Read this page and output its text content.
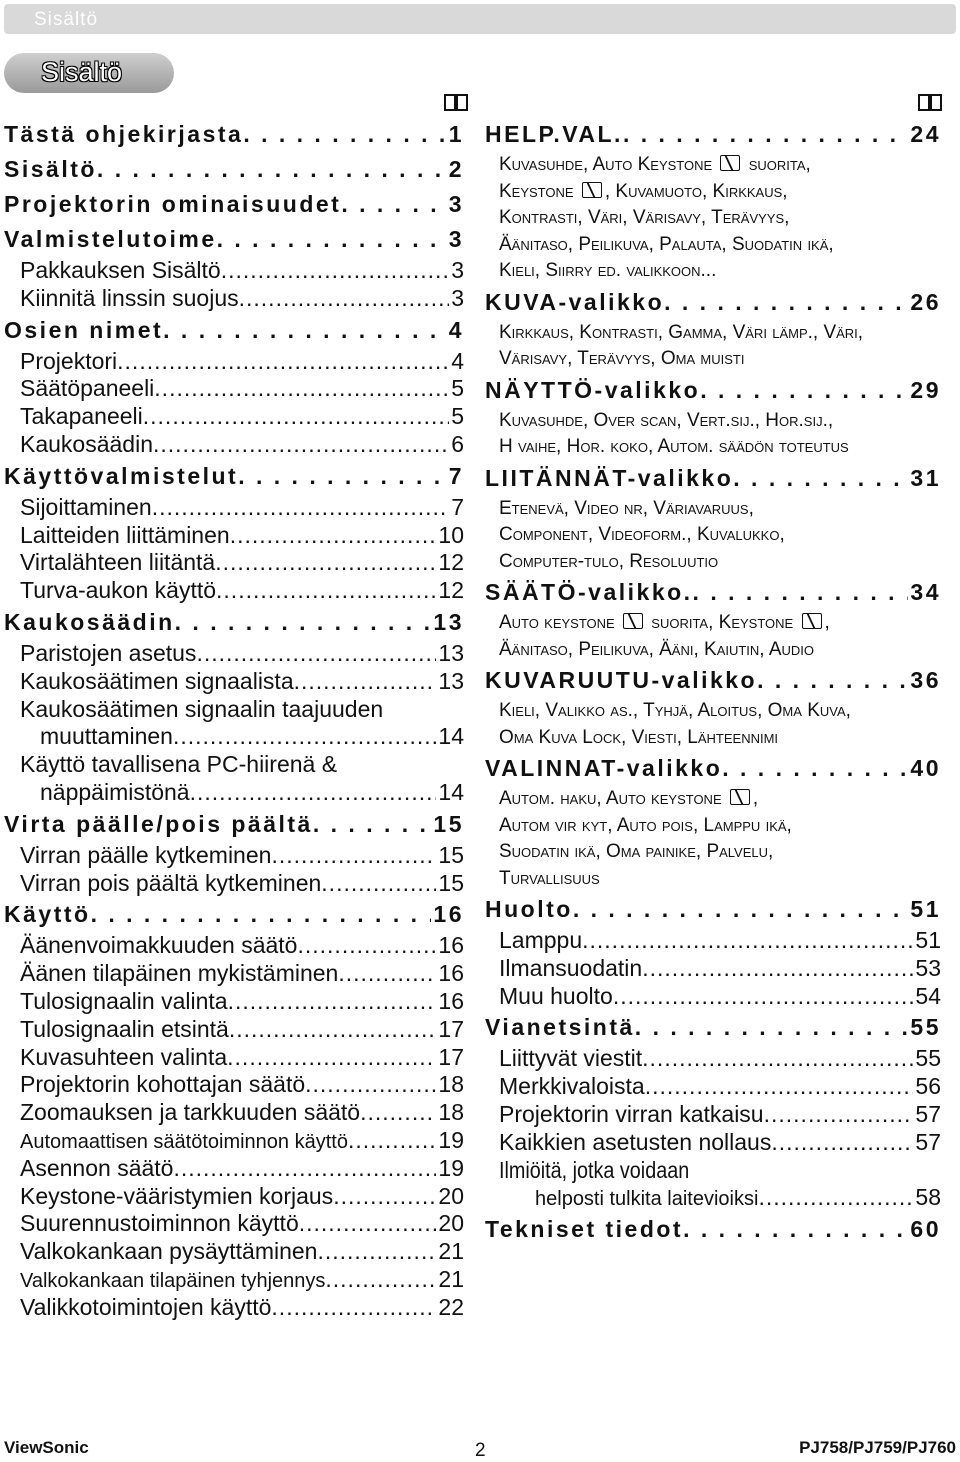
Sisältö
Sisältö
Tästä ohjekirjasta . . .	1
Sisältö . . .	2
Projektorin ominaisuudet . . .	3
Valmistelutoime . . .	3
Pakkauksen Sisältö .....	3
Kiinnitä linssin suojus .....	3
Osien nimet . . .	4
Projektori .....	4
Säätöpaneeli .....	5
Takapaneeli .....	5
Kaukosäädin .....	6
Käyttövalmistelut . . .	7
Sijoittaminen .....	7
Laitteiden liittäminen .....	10
Virtalähteen liitäntä .....	12
Turva-aukon käyttö .....	12
Kaukosäädin . . .	13
Paristojen asetus .....	13
Kaukosäätimen signaalista .....	13
Kaukosäätimen signaalin taajuuden
muuttaminen .....	14
Käyttö tavallisena PC-hiirenä &
näppäimistönä .....	14
Virta päälle/pois päältä . . .	15
Virran päälle kytkeminen .....	15
Virran pois päältä kytkeminen .....	15
Käyttö . . .	16
Äänenvoimakkuuden säätö .....	16
Äänen tilapäinen mykistäminen .....	16
Tulosignaalin valinta .....	16
Tulosignaalin etsintä .....	17
Kuvasuhteen valinta .....	17
Projektorin kohottajan säätö .....	18
Zoomauksen ja tarkkuuden säätö .....	18
Automaattisen säätötoiminnon käyttö .....	19
Asennon säätö .....	19
Keystone-vääristymien korjaus .....	20
Suurennustoiminnon käyttö .....	20
Valkokankaan pysäyttäminen .....	21
Valkokankaan tilapäinen tyhjennys .....	21
Valikkotoimintojen käyttö .....	22
HELP.VAL. . . .	24
Kuvasuhde, Auto Keystone  suorita,
Keystone , Kuvamuoto, Kirkkaus,
Kontrasti, Väri, Värisavy, Terävyys,
Äänitaso, Peilikuva, Palauta, Suodatin ikä,
Kieli, Siirry ed. valikkoon...
KUVA-valikko . . .	26
Kirkkaus, Kontrasti, Gamma, Väri lämp., Väri,
Värisavy, Terävyys, Oma muisti
NÄYTTÖ-valikko . . .	29
Kuvasuhde, Over scan, Vert.sij., Hor.sij.,
H vaihe, Hor. koko, Autom. säädön toteutus
LIITÄNNÄT-valikko . . .	31
Etenevä, Video nr, Väriavaruus,
Component, Videoform., Kuvalukko,
Computer-tulo, Resoluutio
SÄÄTÖ-valikko. . . .	34
Auto keystone  suorita, Keystone ,
Äänitaso, Peilikuva, Ääni, Kaiutin, Audio
KUVARUUTU-valikko . . .	36
Kieli, Valikko as., Tyhjä, Aloitus, Oma Kuva,
Oma Kuva Lock, Viesti, Lähteennimi
VALINNAT-valikko . . .	40
Autom. haku, Auto keystone ,
Autom vir kyt, Auto pois, Lamppu ikä,
Suodatin ikä, Oma painike, Palvelu,
Turvallisuus
Huolto . . .	51
Lamppu .....	51
Ilmansuodatin .....	53
Muu huolto .....	54
Vianetsintä . . .	55
Liittyvät viestit .....	55
Merkkivaloista .....	56
Projektorin virran katkaisu .....	57
Kaikkien asetusten nollaus .....	57
Ilmiöitä, jotka voidaan
helposti tulkita laitevioiksi .....	58
Tekniset tiedot . . .	60
ViewSonic	2	PJ758/PJ759/PJ760
